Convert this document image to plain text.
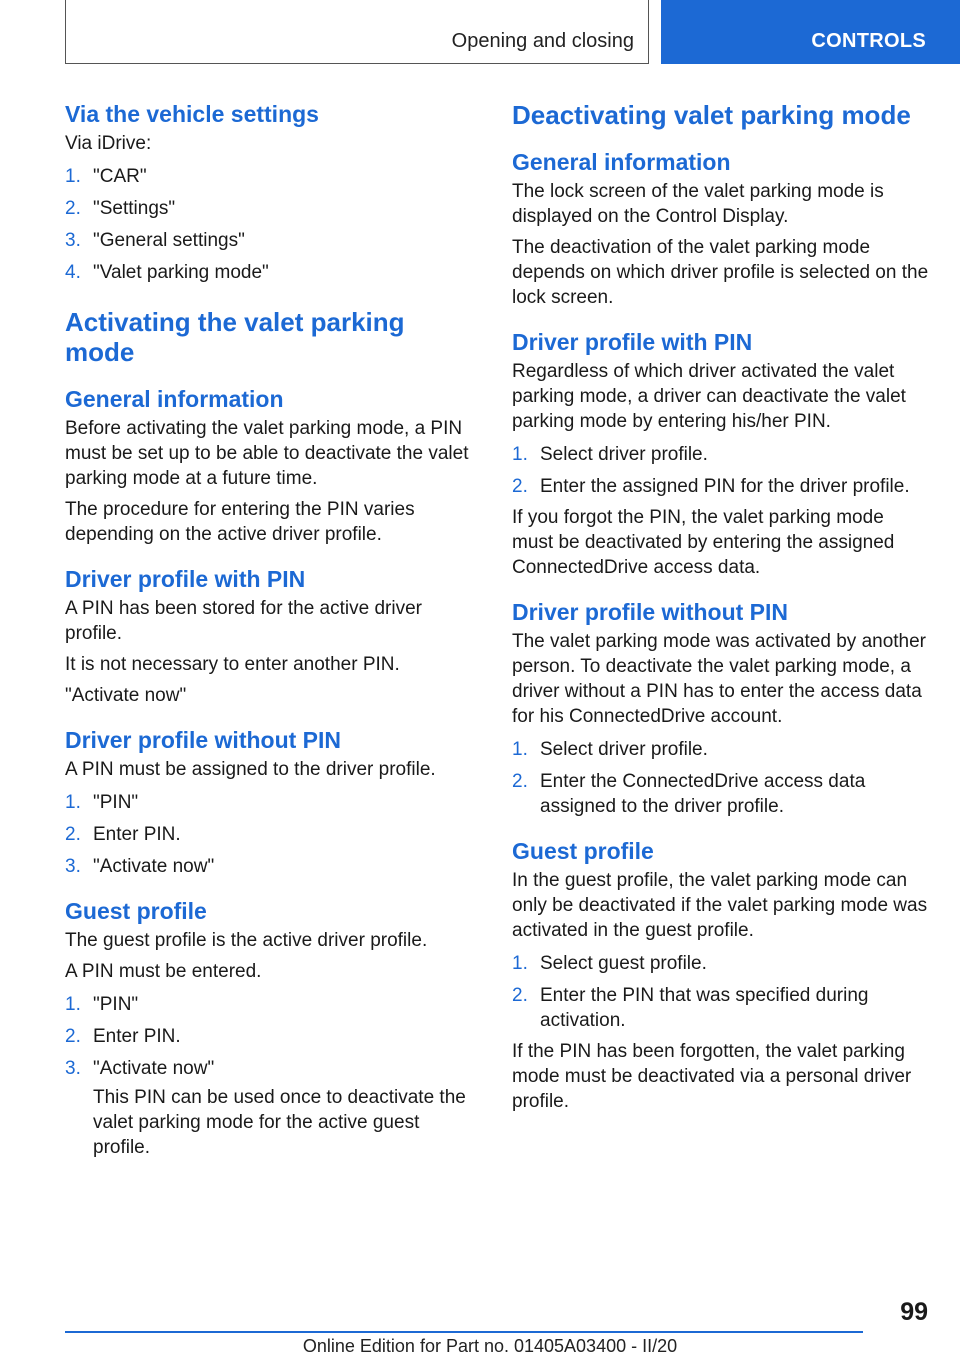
Opening and closing	CONTROLS
Via the vehicle settings

Via iDrive:

1. "CAR"
2. "Settings"
3. "General settings"
4. "Valet parking mode"
Activating the valet parking mode
General information

Before activating the valet parking mode, a PIN must be set up to be able to deactivate the valet parking mode at a future time.

The procedure for entering the PIN varies depending on the active driver profile.

Driver profile with PIN

A PIN has been stored for the active driver profile.

It is not necessary to enter another PIN.

"Activate now"

Driver profile without PIN

A PIN must be assigned to the driver profile.

1. "PIN"
2. Enter PIN.
3. "Activate now"
Guest profile

The guest profile is the active driver profile.

A PIN must be entered.

1. "PIN"
2. Enter PIN.
3. "Activate now"
This PIN can be used once to deactivate the valet parking mode for the active guest profile.
Deactivating valet parking mode
General information

The lock screen of the valet parking mode is displayed on the Control Display.

The deactivation of the valet parking mode depends on which driver profile is selected on the lock screen.

Driver profile with PIN

Regardless of which driver activated the valet parking mode, a driver can deactivate the valet parking mode by entering his/her PIN.

1. Select driver profile.
2. Enter the assigned PIN for the driver profile.

If you forgot the PIN, the valet parking mode must be deactivated by entering the assigned ConnectedDrive access data.

Driver profile without PIN

The valet parking mode was activated by another person. To deactivate the valet parking mode, a driver without a PIN has to enter the access data for his ConnectedDrive account.

1. Select driver profile.
2. Enter the ConnectedDrive access data assigned to the driver profile.
Guest profile

In the guest profile, the valet parking mode can only be deactivated if the valet parking mode was activated in the guest profile.

1. Select guest profile.
2. Enter the PIN that was specified during activation.

If the PIN has been forgotten, the valet parking mode must be deactivated via a personal driver profile.

99
Online Edition for Part no. 01405A03400 - II/20
